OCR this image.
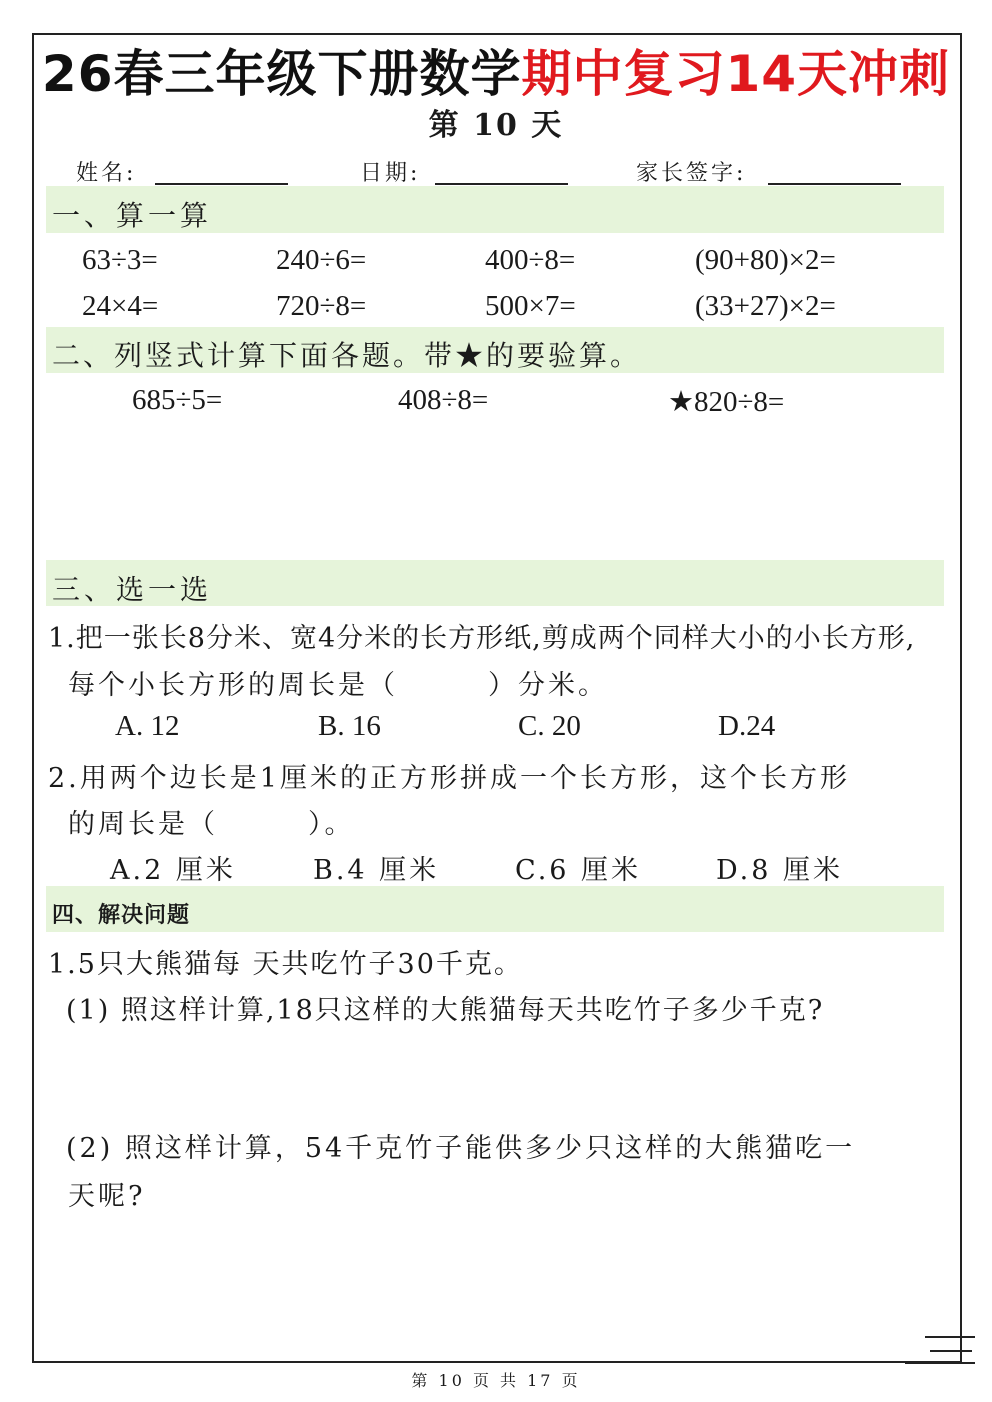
26春三年级下册数学期中复习14天冲刺
第 10 天
姓名:	日期:	家长签字:
一、算一算
63÷3=	240÷6=	400÷8=	(90+80)×2=
24×4=	720÷8=	500×7=	(33+27)×2=
二、列竖式计算下面各题。带★的要验算。
685÷5=	408÷8=	★820÷8=
三、选一选
1.把一张长8分米、宽4分米的长方形纸,剪成两个同样大小的小长方形,
每个小长方形的周长是（　　　）分米。
A. 12	B. 16	C. 20	D.24
2.用两个边长是1厘米的正方形拼成一个长方形，这个长方形
的周长是（　　　）。
A.2 厘米	B.4 厘米	C.6 厘米	D.8 厘米
四、解决问题
1.5只大熊猫每 天共吃竹子30千克。
(1) 照这样计算,18只这样的大熊猫每天共吃竹子多少千克?
(2) 照这样计算，54千克竹子能供多少只这样的大熊猫吃一
天呢?
第 10 页 共 17 页
